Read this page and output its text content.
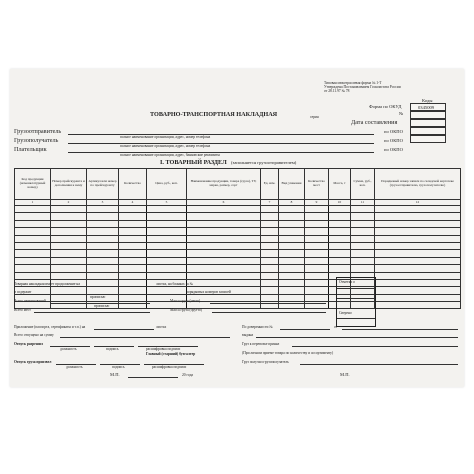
Типовая межотраслевая форма № 1-Т
Утверждена Постановлением Госкомстата России
от 28.11.97 № 78
Коды
0345009
Форма по ОКУД
ТОВАРНО-ТРАНСПОРТНАЯ НАКЛАДНАЯ	серия
№
Дата составления
Грузоотправитель
полное наименование организации, адрес, номер телефона
по ОКПО
Грузополучатель
полное наименование организации, адрес, номер телефона
по ОКПО
Плательщик
полное наименование организации, адрес, банковские реквизиты
по ОКПО
I. ТОВАРНЫЙ РАЗДЕЛ (заполняется грузоотправителем)
Код продукции (номенклатурный номер)	Номер прейскуранта и дополнения к нему	Артикул или номер по прейскуранту	Количество	Цена, руб., коп.	Наименование продукции, товара (груза), ТУ, марка, размер, сорт	Ед. изм.	Вид упаковки	Количество мест	Масса, т	Сумма, руб., коп.	Порядковый номер записи по складской картотеке (грузоотправителю, грузополучателю)
1	2	3	4	5	6	7	8	9	10	11	12

Товарная накладная имеет продолжение на	листах, на бланках за №
и содержит	порядковых номеров записей
прописью
Всего наименований	Масса груза (нетто)
прописью
Всего мест	Масса груза (брутто)
Отметки о
Сверено
Приложение (паспорта, сертификаты и т.п.) на	листах	По доверенности №	от
Всего отпущено на сумму	выдана
Отпуск разрешил
должность	подпись	расшифровка подписи
Главный (старший) бухгалтер
Груз к перевозке принял
(При личном приеме товара по количеству и ассортименту)
Отпуск груза произвел
должность	подпись	расшифровка подписи
Груз получил грузополучатель
М.П.	20 года	М.П.
